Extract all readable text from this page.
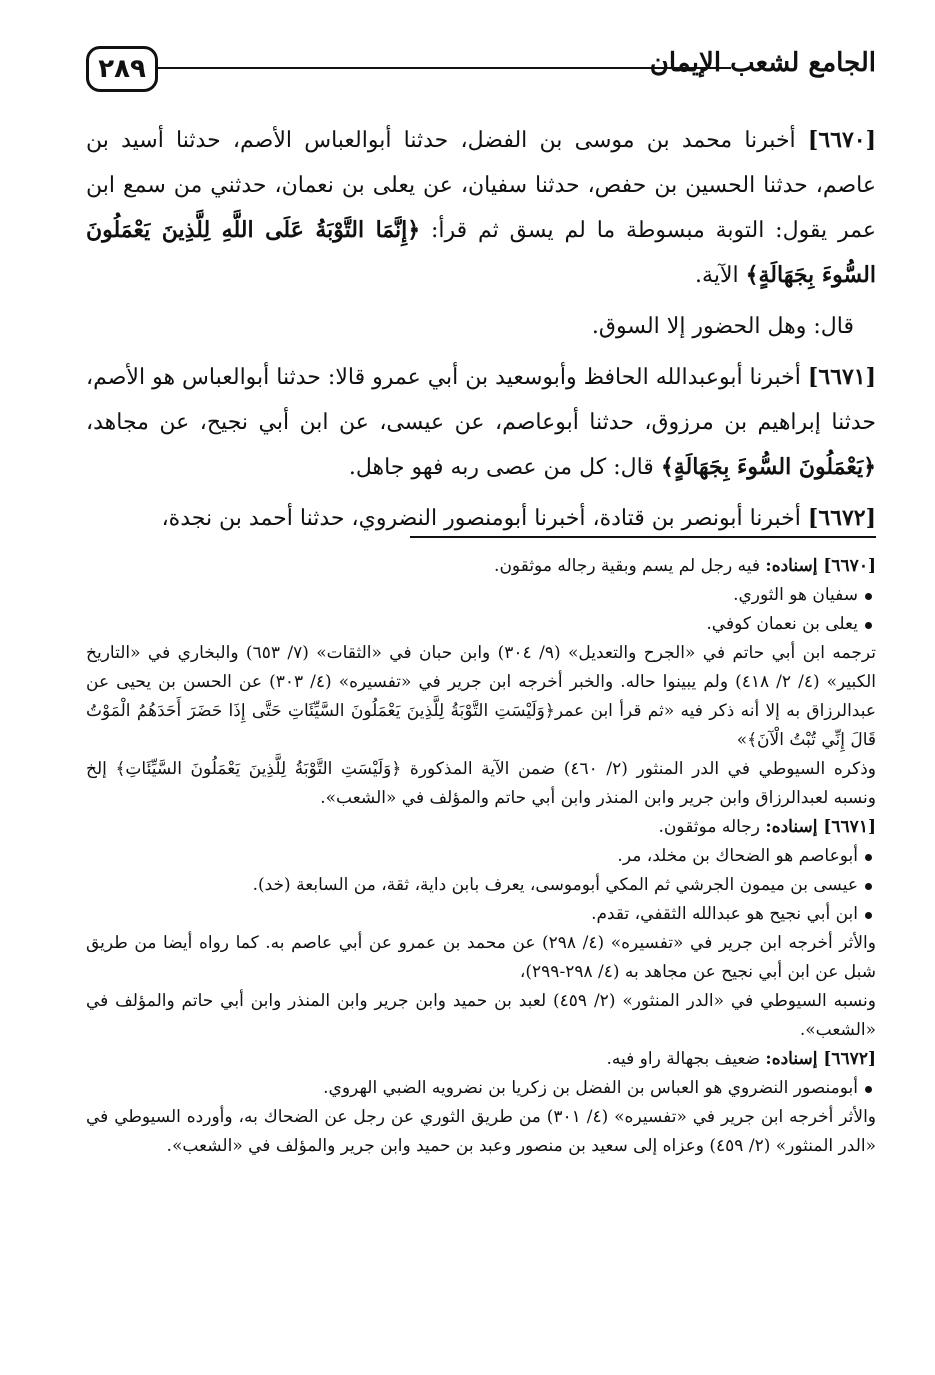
٢٨٩	الجامع لشعب الإيمان

[٦٦٧٠] أخبرنا محمد بن موسى بن الفضل، حدثنا أبوالعباس الأصم، حدثنا أسيد بن عاصم، حدثنا الحسين بن حفص، حدثنا سفيان، عن يعلى بن نعمان، حدثني من سمع ابن عمر يقول: التوبة مبسوطة ما لم يسق ثم قرأ: ﴿إِنَّمَا التَّوْبَةُ عَلَى اللَّهِ لِلَّذِينَ يَعْمَلُونَ السُّوءَ بِجَهَالَةٍ﴾ الآية.

قال: وهل الحضور إلا السوق.

[٦٦٧١] أخبرنا أبوعبدالله الحافظ وأبوسعيد بن أبي عمرو قالا: حدثنا أبوالعباس هو الأصم، حدثنا إبراهيم بن مرزوق، حدثنا أبوعاصم، عن عيسى، عن ابن أبي نجيح، عن مجاهد، ﴿يَعْمَلُونَ السُّوءَ بِجَهَالَةٍ﴾ قال: كل من عصى ربه فهو جاهل.

[٦٦٧٢] أخبرنا أبونصر بن قتادة، أخبرنا أبومنصور النضروي، حدثنا أحمد بن نجدة،

[٦٦٧٠] إسناده: فيه رجل لم يسم وبقية رجاله موثقون.

سفيان هو الثوري.

يعلى بن نعمان كوفي.

ترجمه ابن أبي حاتم في «الجرح والتعديل» (٩/ ٣٠٤) وابن حبان في «الثقات» (٧/ ٦٥٣) والبخاري في «التاريخ الكبير» (٤/ ٢/ ٤١٨) ولم يبينوا حاله. والخبر أخرجه ابن جرير في «تفسيره» (٤/ ٣٠٣) عن الحسن بن يحيى عن عبدالرزاق به إلا أنه ذكر فيه «ثم قرأ ابن عمر﴿وَلَيْسَتِ التَّوْبَةُ لِلَّذِينَ يَعْمَلُونَ السَّيِّئَاتِ حَتَّى إِذَا حَضَرَ أَحَدَهُمُ الْمَوْتُ قَالَ إِنِّي تُبْتُ الْآنَ﴾»

وذكره السيوطي في الدر المنثور (٢/ ٤٦٠) ضمن الآية المذكورة ﴿وَلَيْسَتِ التَّوْبَةُ لِلَّذِينَ يَعْمَلُونَ السَّيِّئَاتِ﴾ إلخ ونسبه لعبدالرزاق وابن جرير وابن المنذر وابن أبي حاتم والمؤلف في «الشعب».

[٦٦٧١] إسناده: رجاله موثقون.

أبوعاصم هو الضحاك بن مخلد، مر.

عيسى بن ميمون الجرشي ثم المكي أبوموسى، يعرف بابن داية، ثقة، من السابعة (خد).

ابن أبي نجيح هو عبدالله الثقفي، تقدم.

والأثر أخرجه ابن جرير في «تفسيره» (٤/ ٢٩٨) عن محمد بن عمرو عن أبي عاصم به. كما رواه أيضا من طريق شبل عن ابن أبي نجيح عن مجاهد به (٤/ ٢٩٨-٢٩٩)،

ونسبه السيوطي في «الدر المنثور» (٢/ ٤٥٩) لعبد بن حميد وابن جرير وابن المنذر وابن أبي حاتم والمؤلف في «الشعب».

[٦٦٧٢] إسناده: ضعيف بجهالة راو فيه.

أبومنصور النضروي هو العباس بن الفضل بن زكريا بن نضرويه الضبي الهروي.

والأثر أخرجه ابن جرير في «تفسيره» (٤/ ٣٠١) من طريق الثوري عن رجل عن الضحاك به، وأورده السيوطي في «الدر المنثور» (٢/ ٤٥٩) وعزاه إلى سعيد بن منصور وعبد بن حميد وابن جرير والمؤلف في «الشعب».
